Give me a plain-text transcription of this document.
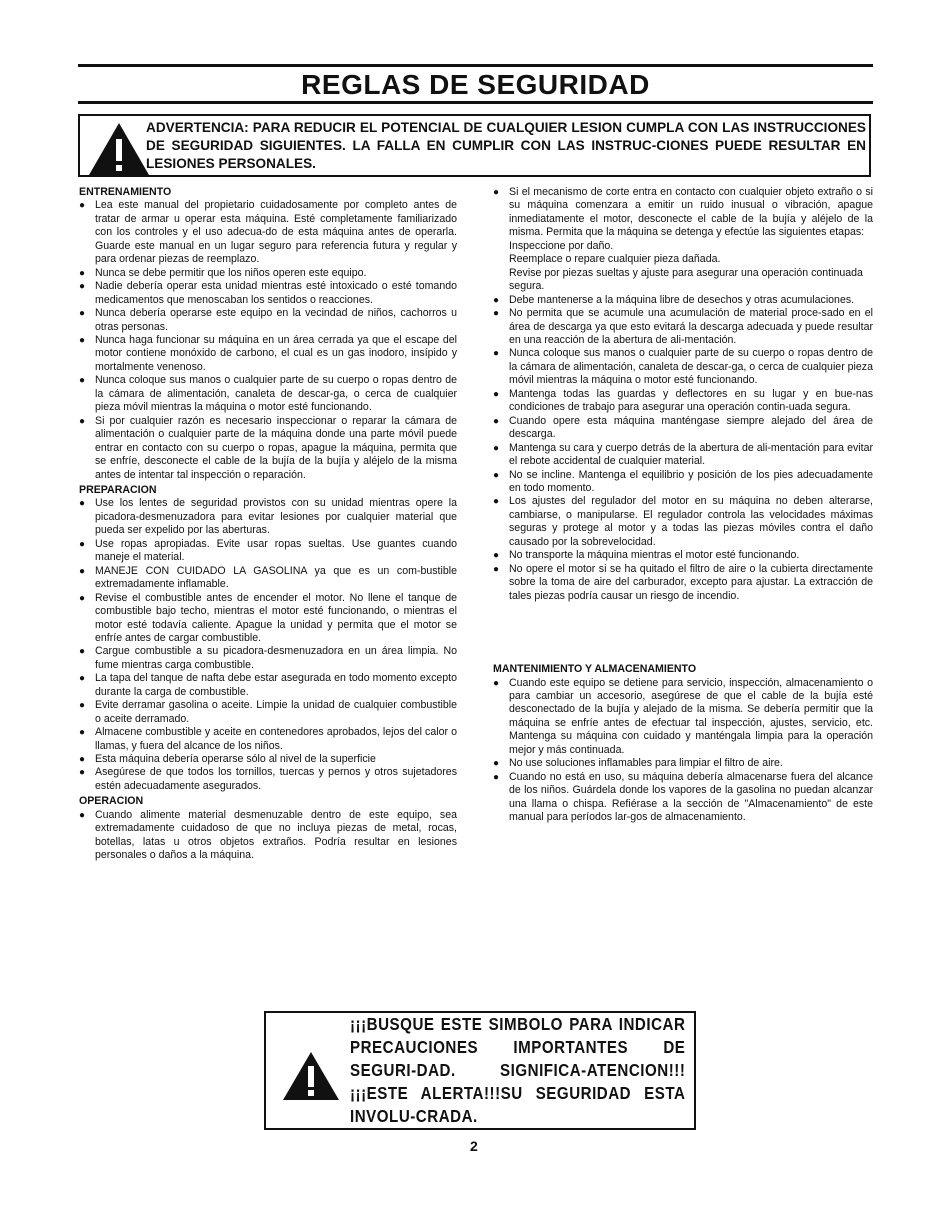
REGLAS DE SEGURIDAD
ADVERTENCIA: PARA REDUCIR EL POTENCIAL DE CUALQUIER LESION CUMPLA CON LAS INSTRUCCIONES DE SEGURIDAD SIGUIENTES. LA FALLA EN CUMPLIR CON LAS INSTRUC-CIONES PUEDE RESULTAR EN LESIONES PERSONALES.
ENTRENAMIENTO
● Lea este manual del propietario cuidadosamente por completo antes de tratar de armar u operar esta máquina. Esté completamente familiarizado con los controles y el uso adecua-do de esta máquina antes de operarla. Guarde este manual en un lugar seguro para referencia futura y regular y para ordenar piezas de reemplazo.
● Nunca se debe permitir que los niños operen este equipo.
● Nadie debería operar esta unidad mientras esté intoxicado o esté tomando medicamentos que menoscaban los sentidos o reacciones.
● Nunca debería operarse este equipo en la vecindad de niños, cachorros u otras personas.
● Nunca haga funcionar su máquina en un área cerrada ya que el escape del motor contiene monóxido de carbono, el cual es un gas inodoro, insípido y mortalmente venenoso.
● Nunca coloque sus manos o cualquier parte de su cuerpo o ropas dentro de la cámara de alimentación, canaleta de descar-ga, o cerca de cualquier pieza móvil mientras la máquina o motor esté funcionando.
● Si por cualquier razón es necesario inspeccionar o reparar la cámara de alimentación o cualquier parte de la máquina donde una parte móvil puede entrar en contacto con su cuerpo o ropas, apague la máquina, permita que se enfríe, desconecte el cable de la bujía de la bujía y aléjelo de la misma antes de intentar tal inspección o reparación.
PREPARACION
● Use los lentes de seguridad provistos con su unidad mientras opere la picadora-desmenuzadora para evitar lesiones por cualquier material que pueda ser expelido por las aberturas.
● Use ropas apropiadas. Evite usar ropas sueltas. Use guantes cuando maneje el material.
● MANEJE CON CUIDADO LA GASOLINA ya que es un com-bustible extremadamente inflamable.
● Revise el combustible antes de encender el motor. No llene el tanque de combustible bajo techo, mientras el motor esté funcionando, o mientras el motor esté todavía caliente. Apague la unidad y permita que el motor se enfríe antes de cargar combustible.
● Cargue combustible a su picadora-desmenuzadora en un área limpia. No fume mientras carga combustible.
● La tapa del tanque de nafta debe estar asegurada en todo momento excepto durante la carga de combustible.
● Evite derramar gasolina o aceite. Limpie la unidad de cualquier combustible o aceite derramado.
● Almacene combustible y aceite en contenedores aprobados, lejos del calor o llamas, y fuera del alcance de los niños.
● Esta máquina debería operarse sólo al nivel de la superficie
● Asegúrese de que todos los tornillos, tuercas y pernos y otros sujetadores estén adecuadamente asegurados.
OPERACION
● Cuando alimente material desmenuzable dentro de este equipo, sea extremadamente cuidadoso de que no incluya piezas de metal, rocas, botellas, latas u otros objetos extraños. Podría resultar en lesiones personales o daños a la máquina.
● Si el mecanismo de corte entra en contacto con cualquier objeto extraño o si su máquina comenzara a emitir un ruido inusual o vibración, apague inmediatamente el motor, desconecte el cable de la bujía y aléjelo de la misma. Permita que la máquina se detenga y efectúe las siguientes etapas:
Inspeccione por daño.
Reemplace o repare cualquier pieza dañada.
Revise por piezas sueltas y ajuste para asegurar una operación continuada segura.
● Debe mantenerse a la máquina libre de desechos y otras acumulaciones.
● No permita que se acumule una acumulación de material proce-sado en el área de descarga ya que esto evitará la descarga adecuada y puede resultar en una reacción de la abertura de ali-mentación.
● Nunca coloque sus manos o cualquier parte de su cuerpo o ropas dentro de la cámara de alimentación, canaleta de descar-ga, o cerca de cualquier pieza móvil mientras la máquina o motor esté funcionando.
● Mantenga todas las guardas y deflectores en su lugar y en bue-nas condiciones de trabajo para asegurar una operación contin-uada segura.
● Cuando opere esta máquina manténgase siempre alejado del área de descarga.
● Mantenga su cara y cuerpo detrás de la abertura de ali-mentación para evitar el rebote accidental de cualquier material.
● No se incline. Mantenga el equilibrio y posición de los pies adecuadamente en todo momento.
● Los ajustes del regulador del motor en su máquina no deben alterarse, cambiarse, o manipularse. El regulador controla las velocidades máximas seguras y protege al motor y a todas las piezas móviles contra el daño causado por la sobrevelocidad.
● No transporte la máquina mientras el motor esté funcionando.
● No opere el motor si se ha quitado el filtro de aire o la cubierta directamente sobre la toma de aire del carburador, excepto para ajustar. La extracción de tales piezas podría causar un riesgo de incendio.
MANTENIMIENTO Y ALMACENAMIENTO
● Cuando este equipo se detiene para servicio, inspección, almacenamiento o para cambiar un accesorio, asegúrese de que el cable de la bujía esté desconectado de la bujía y alejado de la misma. Se debería permitir que la máquina se enfríe antes de efectuar tal inspección, ajustes, servicio, etc. Mantenga su máquina con cuidado y manténgala limpia para la operación mejor y más continuada.
● No use soluciones inflamables para limpiar el filtro de aire.
● Cuando no está en uso, su máquina debería almacenarse fuera del alcance de los niños. Guárdela donde los vapores de la gasolina no puedan alcanzar una llama o chispa. Refiérase a la sección de "Almacenamiento" de este manual para períodos lar-gos de almacenamiento.
¡¡¡BUSQUE ESTE SIMBOLO PARA INDICAR PRECAUCIONES IMPORTANTES DE SEGURI-DAD. SIGNIFICA-ATENCION!!! ¡¡¡ESTE ALERTA!!!SU SEGURIDAD ESTA INVOLU-CRADA.
2
